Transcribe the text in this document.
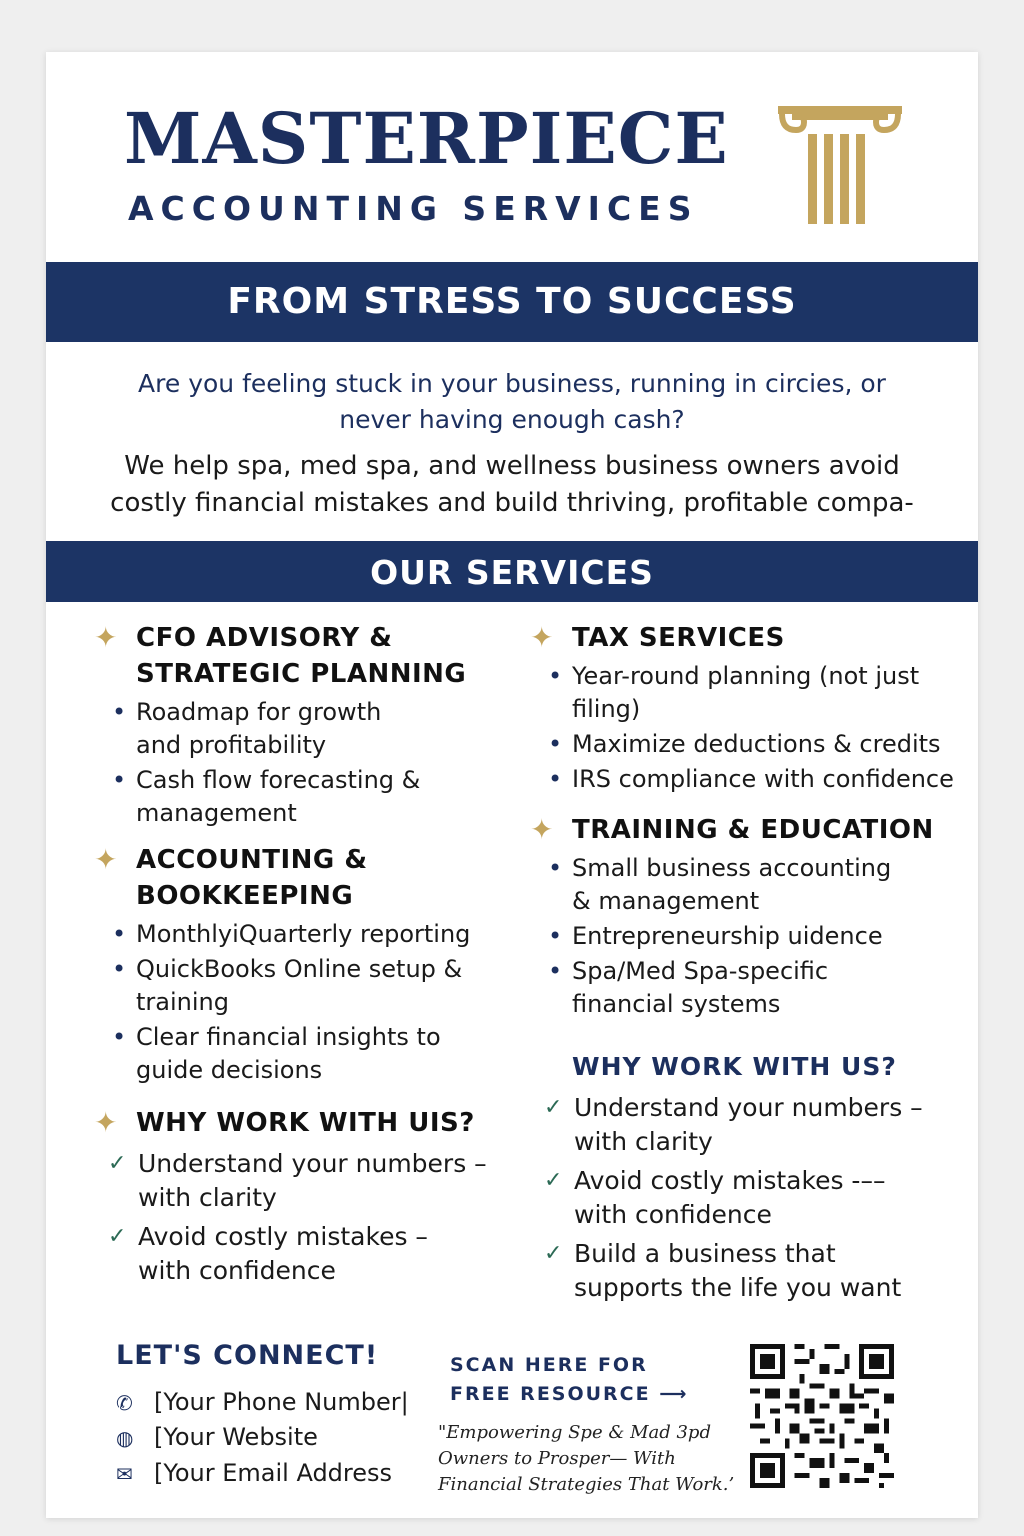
MASTERPIECE
ACCOUNTING SERVICES
FROM STRESS TO SUCCESS
Are you feeling stuck in your business, running in circies, or
never having enough cash?
We help spa, med spa, and wellness business owners avoid
costly financial mistakes and build thriving, profitable compa-
OUR SERVICES
✦ CFO ADVISORY &
STRATEGIC PLANNING
• Roadmap for growth
and profitability
• Cash flow forecasting &
management
✦ ACCOUNTING &
BOOKKEEPING
• MonthlyiQuarterly reporting
• QuickBooks Online setup &
training
• Clear financial insights to
guide decisions
✦ WHY WORK WITH UIS?
✓ Understand your numbers –
with clarity
✓ Avoid costly mistakes –
with confidence
✦ TAX SERVICES
• Year-round planning (not just
filing)
• Maximize deductions & credits
• IRS compliance with confidence
✦ TRAINING & EDUCATION
• Small business accounting
& management
• Entrepreneurship uidence
• Spa/Med Spa-specific
financial systems
WHY WORK WITH US?
✓ Understand your numbers –
with clarity
✓ Avoid costly mistakes -––
with confidence
✓ Build a business that
supports the life you want
LET'S CONNECT!
✆ [Your Phone Number|
◍ [Your Website
✉ [Your Email Address
SCAN HERE FOR
FREE RESOURCE ⟶
"Empowering Spe & Mad 3pd
Owners to Prosper— With
Financial Strategies That Work.’
